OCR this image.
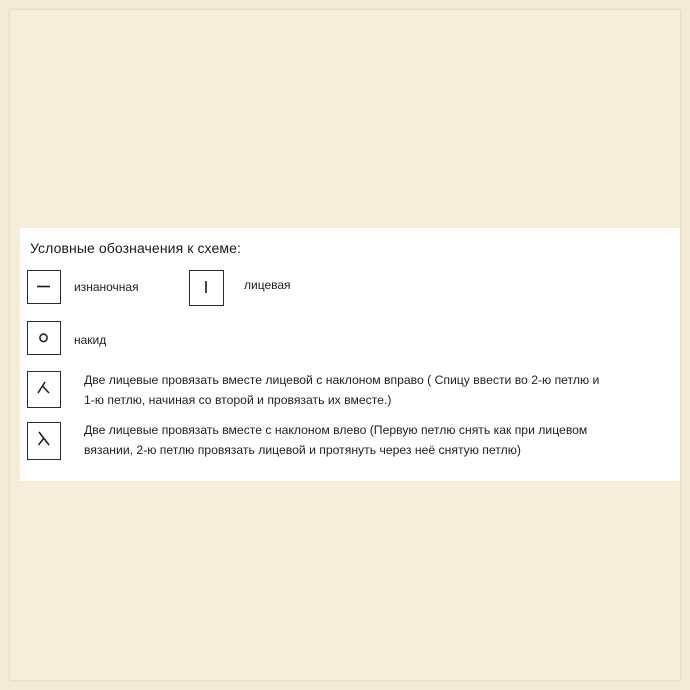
Условные обозначения к схеме:
изнаночная	лицевая
накид
Две лицевые провязать вместе лицевой с наклоном вправо ( Спицу ввести во 2-ю петлю и
1-ю петлю, начиная со второй и провязать их вместе.)
Две лицевые провязать вместе с наклоном влево (Первую петлю снять как при лицевом
вязании, 2-ю петлю провязать лицевой и протянуть через неё снятую петлю)
